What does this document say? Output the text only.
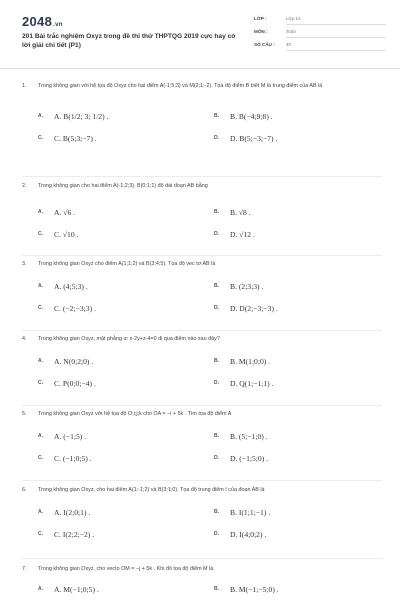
2048.vn
201 Bài trắc nghiệm Oxyz trong đề thi thử THPTQG 2019 cực hay có lời giải chi tiết (P1)
LỚP :	Lớp 12
MÔN :	Toán
SỐ CÂU :	40
1.	Trong không gian với hệ tọa độ Oxyz cho hai điểm A(-1;5;3) và M(2;1;-2). Tọa độ điểm B biết M là trung điểm của AB là
A.	A. B(1/2; 3; 1/2) .	B.	B. B(−4;9;8) .
C.	C. B(5;3;−7) .	D.	D. B(5;−3;−7) .
2.	Trong không gian cho hai điểm A(-1;2;3), B(0;1;1) độ dài đoạn AB bằng
A.	A. √6 .	B.	B. √8 .
C.	C. √10 .	D.	D. √12 .
3.	Trong không gian Oxyz cho điểm A(1;1;2) và B(3;4;5). Tọa độ vec tơ AB là
A.	A. (4;5;3) .	B.	B. (2;3;3) .
C.	C. (−2;−3;3) .	D.	D. D(2;−3;−3) .
4.	Trong không gian Oxyz, mặt phẳng α: x-2y+z-4=0 đi qua điểm nào sau đây?
A.	A. N(0;2;0) .	B.	B. M(1;0;0) .
C.	C. P(0;0;−4) .	D.	D. Q(1;−1;1) .
5.	Trong không gian Oxyz với hệ tọa độ O;i;j;k cho OA = −i + 5k . Tìm tọa độ điểm A
A.	A. (−1;5) .	B.	B. (5;−1;0) .
C.	C. (−1;0;5) .	D.	D. (−1;5;0) .
6.	Trong không gian Oxyz, cho hai điểm A(1;-1;2) và B(3;1;0). Tọa độ trung điểm I của đoạn AB là
A.	A. I(2;0;1) .	B.	B. I(1;1;−1) .
C.	C. I(2;2;−2) .	D.	D. I(4;0;2) .
7.	Trong không gian Oxyz, cho vecto OM = −j + 5k . Khi đó tọa độ điểm M là
A.	A. M(−1;0;5) .	B.	B. M(−1;−5;0) .
